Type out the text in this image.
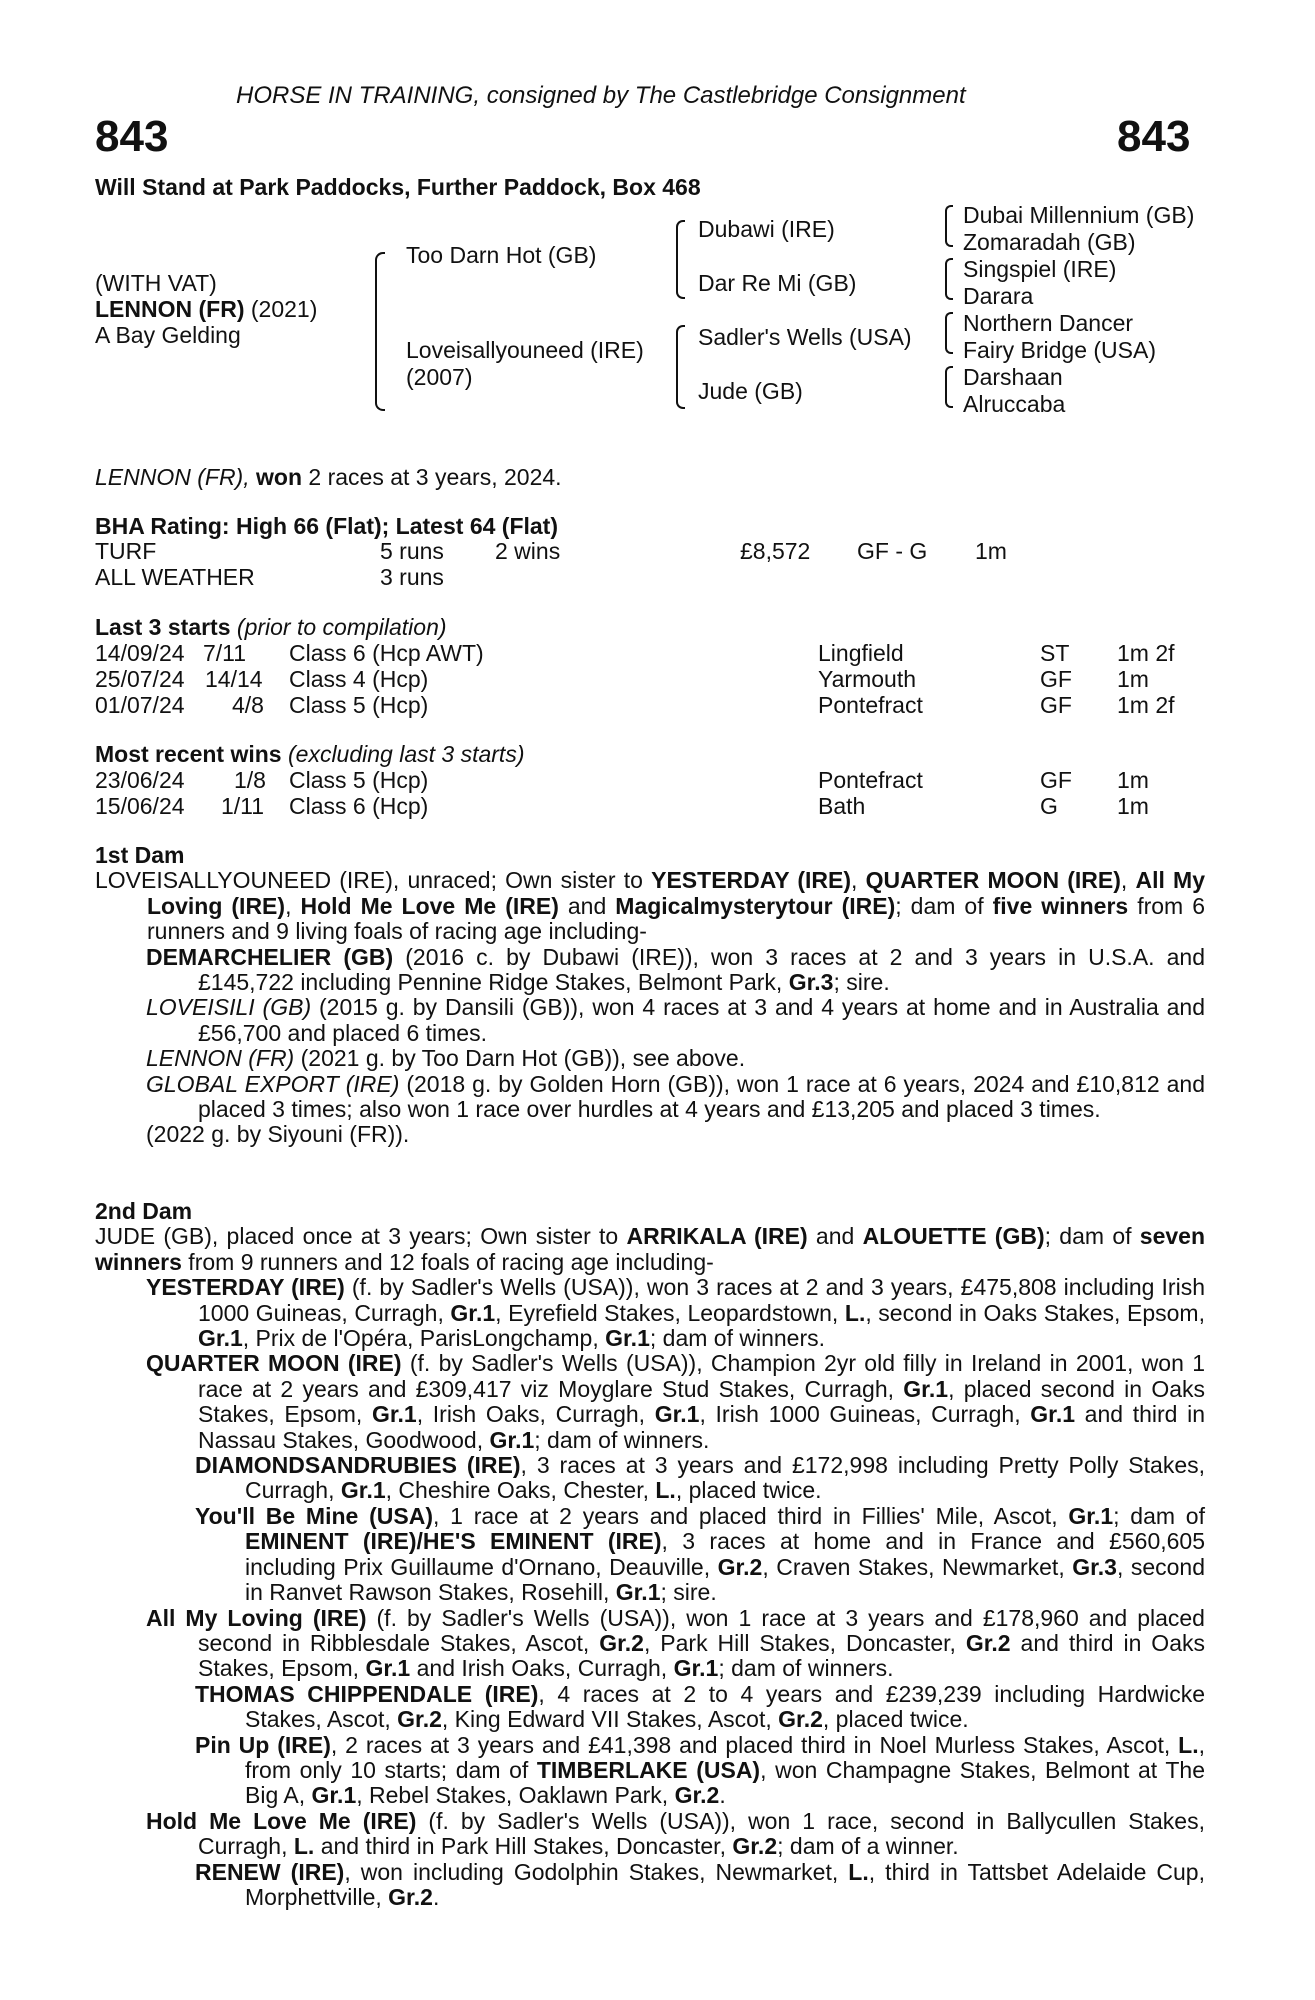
HORSE IN TRAINING, consigned by The Castlebridge Consignment
843	843
Will Stand at Park Paddocks, Further Paddock, Box 468
(WITH VAT)
LENNON (FR) (2021)
A Bay Gelding
Too Darn Hot (GB)
Loveisallyouneed (IRE)
(2007)
Dubawi (IRE)
Dar Re Mi (GB)
Sadler's Wells (USA)
Jude (GB)
Dubai Millennium (GB)
Zomaradah (GB)
Singspiel (IRE)
Darara
Northern Dancer
Fairy Bridge (USA)
Darshaan
Alruccaba
LENNON (FR), won 2 races at 3 years, 2024.
BHA Rating: High 66 (Flat); Latest 64 (Flat)
TURF	5 runs 2 wins	£8,572 GF - G 1m
ALL WEATHER	3 runs
Last 3 starts (prior to compilation)
14/09/24 7/11 Class 6 (Hcp AWT)	Lingfield	ST 1m 2f
25/07/24 14/14 Class 4 (Hcp)	Yarmouth	GF 1m
01/07/24 4/8 Class 5 (Hcp)	Pontefract	GF 1m 2f
Most recent wins (excluding last 3 starts)
23/06/24 1/8 Class 5 (Hcp)	Pontefract	GF 1m
15/06/24 1/11 Class 6 (Hcp)	Bath	G	1m

1st Dam

LOVEISALLYOUNEED (IRE), unraced; Own sister to YESTERDAY (IRE), QUARTER MOON (IRE), All My Loving (IRE), Hold Me Love Me (IRE) and Magicalmysterytour (IRE); dam of five winners from 6 runners and 9 living foals of racing age including-

DEMARCHELIER (GB) (2016 c. by Dubawi (IRE)), won 3 races at 2 and 3 years in U.S.A. and £145,722 including Pennine Ridge Stakes, Belmont Park, Gr.3; sire.

LOVEISILI (GB) (2015 g. by Dansili (GB)), won 4 races at 3 and 4 years at home and in Australia and £56,700 and placed 6 times.

LENNON (FR) (2021 g. by Too Darn Hot (GB)), see above.

GLOBAL EXPORT (IRE) (2018 g. by Golden Horn (GB)), won 1 race at 6 years, 2024 and £10,812 and placed 3 times; also won 1 race over hurdles at 4 years and £13,205 and placed 3 times.

(2022 g. by Siyouni (FR)).

2nd Dam

JUDE (GB), placed once at 3 years; Own sister to ARRIKALA (IRE) and ALOUETTE (GB); dam of seven winners from 9 runners and 12 foals of racing age including-

YESTERDAY (IRE) (f. by Sadler's Wells (USA)), won 3 races at 2 and 3 years, £475,808 including Irish 1000 Guineas, Curragh, Gr.1, Eyrefield Stakes, Leopardstown, L., second in Oaks Stakes, Epsom, Gr.1, Prix de l'Opéra, ParisLongchamp, Gr.1; dam of winners.

QUARTER MOON (IRE) (f. by Sadler's Wells (USA)), Champion 2yr old filly in Ireland in 2001, won 1 race at 2 years and £309,417 viz Moyglare Stud Stakes, Curragh, Gr.1, placed second in Oaks Stakes, Epsom, Gr.1, Irish Oaks, Curragh, Gr.1, Irish 1000 Guineas, Curragh, Gr.1 and third in Nassau Stakes, Goodwood, Gr.1; dam of winners.

DIAMONDSANDRUBIES (IRE), 3 races at 3 years and £172,998 including Pretty Polly Stakes, Curragh, Gr.1, Cheshire Oaks, Chester, L., placed twice.

You'll Be Mine (USA), 1 race at 2 years and placed third in Fillies' Mile, Ascot, Gr.1; dam of EMINENT (IRE)/HE'S EMINENT (IRE), 3 races at home and in France and £560,605 including Prix Guillaume d'Ornano, Deauville, Gr.2, Craven Stakes, Newmarket, Gr.3, second in Ranvet Rawson Stakes, Rosehill, Gr.1; sire.

All My Loving (IRE) (f. by Sadler's Wells (USA)), won 1 race at 3 years and £178,960 and placed second in Ribblesdale Stakes, Ascot, Gr.2, Park Hill Stakes, Doncaster, Gr.2 and third in Oaks Stakes, Epsom, Gr.1 and Irish Oaks, Curragh, Gr.1; dam of winners.

THOMAS CHIPPENDALE (IRE), 4 races at 2 to 4 years and £239,239 including Hardwicke Stakes, Ascot, Gr.2, King Edward VII Stakes, Ascot, Gr.2, placed twice.

Pin Up (IRE), 2 races at 3 years and £41,398 and placed third in Noel Murless Stakes, Ascot, L., from only 10 starts; dam of TIMBERLAKE (USA), won Champagne Stakes, Belmont at The Big A, Gr.1, Rebel Stakes, Oaklawn Park, Gr.2.

Hold Me Love Me (IRE) (f. by Sadler's Wells (USA)), won 1 race, second in Ballycullen Stakes, Curragh, L. and third in Park Hill Stakes, Doncaster, Gr.2; dam of a winner.

RENEW (IRE), won including Godolphin Stakes, Newmarket, L., third in Tattsbet Adelaide Cup, Morphettville, Gr.2.
